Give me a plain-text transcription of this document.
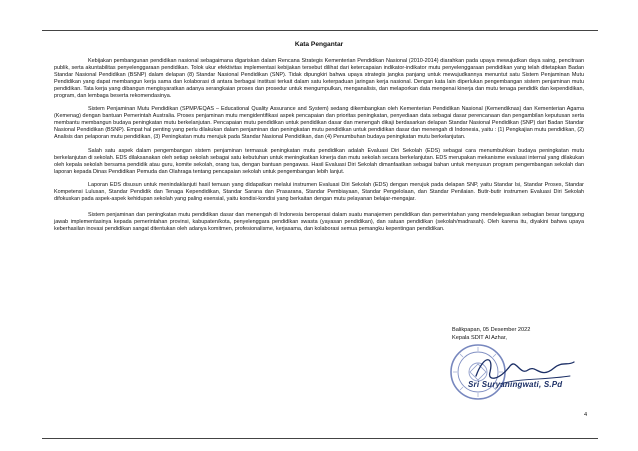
Kata Pengantar

Kebijakan pembangunan pendidikan nasional sebagaimana digariskan dalam Rencana Strategis Kementerian Pendidikan Nasional (2010-2014) diarahkan pada upaya mewujudkan daya saing, pencitraan publik, serta akuntabilitas penyelenggaraan pendidikan. Tolok ukur efektivitas implementasi kebijakan tersebut dilihat dari ketercapaian indikator-indikator mutu penyelenggaraan pendidikan yang telah ditetapkan Badan Standar Nasional Pendidikan (BSNP) dalam delapan (8) Standar Nasional Pendidikan (SNP). Tidak dipungkiri bahwa upaya strategis jangka panjang untuk mewujudkannya menuntut satu Sistem Penjaminan Mutu Pendidikan yang dapat membangun kerja sama dan kolaborasi di antara berbagai institusi terkait dalam satu keterpaduan jaringan kerja nasional. Dengan kata lain diperlukan pengembangan sistem penjaminan mutu pendidikan. Tata kerja yang dibangun mengisyaratkan adanya serangkaian proses dan prosedur untuk mengumpulkan, menganalisis, dan melaporkan data mengenai kinerja dan mutu tenaga pendidik dan kependidikan, program, dan lembaga beserta rekomendasinya.

Sistem Penjaminan Mutu Pendidikan (SPMP/EQAS – Educational Quality Assurance and System) sedang dikembangkan oleh Kementerian Pendidikan Nasional (Kemendiknas) dan Kementerian Agama (Kemenag) dengan bantuan Pemerintah Australia. Proses penjaminan mutu mengidentifikasi aspek pencapaian dan prioritas peningkatan, penyediaan data sebagai dasar perencanaan dan pengambilan keputusan serta membantu membangun budaya peningkatan mutu berkelanjutan. Pencapaian mutu pendidikan untuk pendidikan dasar dan menengah dikaji berdasarkan delapan Standar Nasional Pendidikan (SNP) dari Badan Standar Nasional Pendidikan (BSNP). Empat hal penting yang perlu dilakukan dalam penjaminan dan peningkatan mutu pendidikan untuk pendidikan dasar dan menengah di Indonesia, yaitu : (1) Pengkajian mutu pendidikan, (2) Analisis dan pelaporan mutu pendidikan, (3) Peningkatan mutu merujuk pada Standar Nasional Pendidikan, dan (4) Penumbuhan budaya peningkatan mutu berkelanjutan.

Salah satu aspek dalam pengembangan sistem penjaminan termasuk peningkatan mutu pendidikan adalah Evaluasi Diri Sekolah (EDS) sebagai cara menumbuhkan budaya peningkatan mutu berkelanjutan di sekolah. EDS dilaksanakan oleh setiap sekolah sebagai satu kebutuhan untuk meningkatkan kinerja dan mutu sekolah secara berkelanjutan. EDS merupakan mekanisme evaluasi internal yang dilakukan oleh kepala sekolah bersama pendidik atau guru, komite sekolah, orang tua, dengan bantuan pengawas. Hasil Evaluasi Diri Sekolah dimanfaatkan sebagai bahan untuk menyusun program pengembangan sekolah dan laporan kepada Dinas Pendidikan Pemuda dan Olahraga tentang pencapaian sekolah untuk pengembangan lebih lanjut.

Laporan EDS disusun untuk menindaklanjuti hasil temuan yang didapatkan melalui instrumen Evaluasi Diri Sekolah (EDS) dengan merujuk pada delapan SNP, yaitu Standar Isi, Standar Proses, Standar Kompetensi Lulusan, Standar Pendidik dan Tenaga Kependidikan, Standar Sarana dan Prasarana, Standar Pembiayaan, Standar Pengelolaan, dan Standar Penilaian. Butir-butir instrumen Evaluasi Diri Sekolah difokuskan pada aspek-aspek kehidupan sekolah yang paling esensial, yaitu kondisi-kondisi yang berkaitan dengan mutu pelayanan belajar-mengajar.

Sistem penjaminan dan peningkatan mutu pendidikan dasar dan menengah di Indonesia beroperasi dalam suatu manajemen pendidikan dan pemerintahan yang mendelegasikan sebagian besar tanggung jawab implementasinya kepada pemerintahan provinsi, kabupaten/kota, penyelenggara pendidikan swasta (yayasan pendidikan), dan satuan pendidikan (sekolah/madrasah). Oleh karena itu, diyakini bahwa upaya keberhasilan inovasi pendidikan sangat ditentukan oleh adanya komitmen, profesionalisme, kerjasama, dan kolaborasi semua pemangku kepentingan pendidikan.

Balikpapan, 05 Desember 2022
Kepala SDIT Al Azhar,
Sri Suryaningwati, S.Pd
4
